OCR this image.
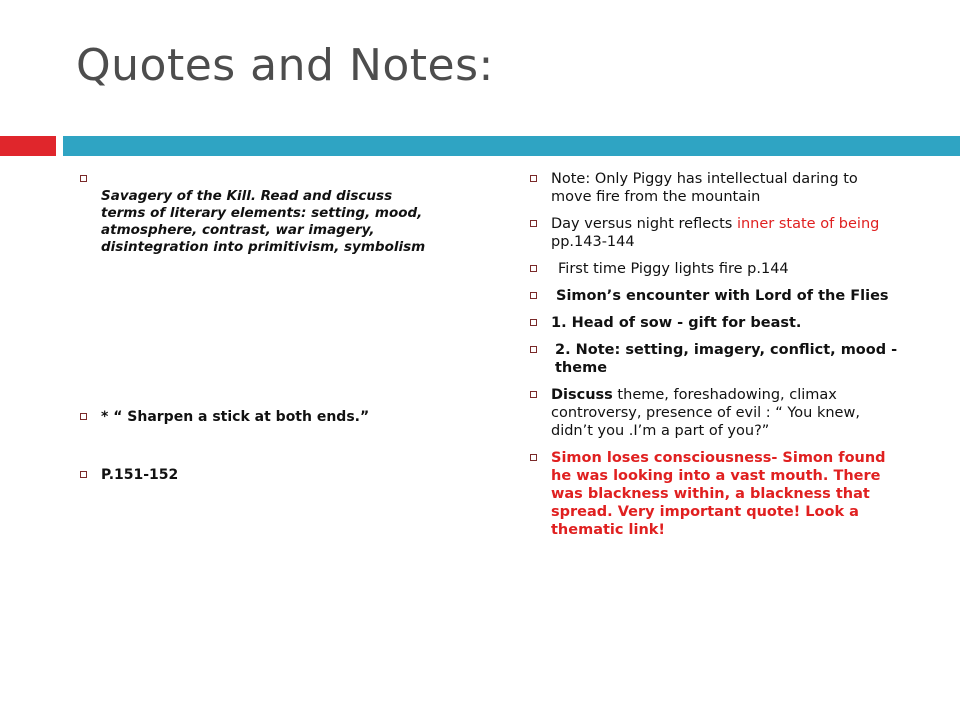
Quotes and Notes:
Savagery of the Kill. Read and discuss terms of literary elements: setting, mood, atmosphere, contrast, war imagery, disintegration into primitivism, symbolism
* “ Sharpen a stick at both ends.”
P.151-152
Note: Only Piggy has intellectual daring to move fire from the mountain
Day versus night reflects inner state of being pp.143-144
First time Piggy lights fire p.144
Simon’s encounter with Lord of the Flies
1. Head of sow - gift for beast.
2. Note: setting, imagery, conflict, mood - theme
Discuss theme, foreshadowing, climax controversy, presence of evil : “ You knew, didn’t you .I’m a part of you?”
Simon loses consciousness- Simon found he was looking into a vast mouth. There was blackness within, a blackness that spread. Very important quote! Look a thematic link!
